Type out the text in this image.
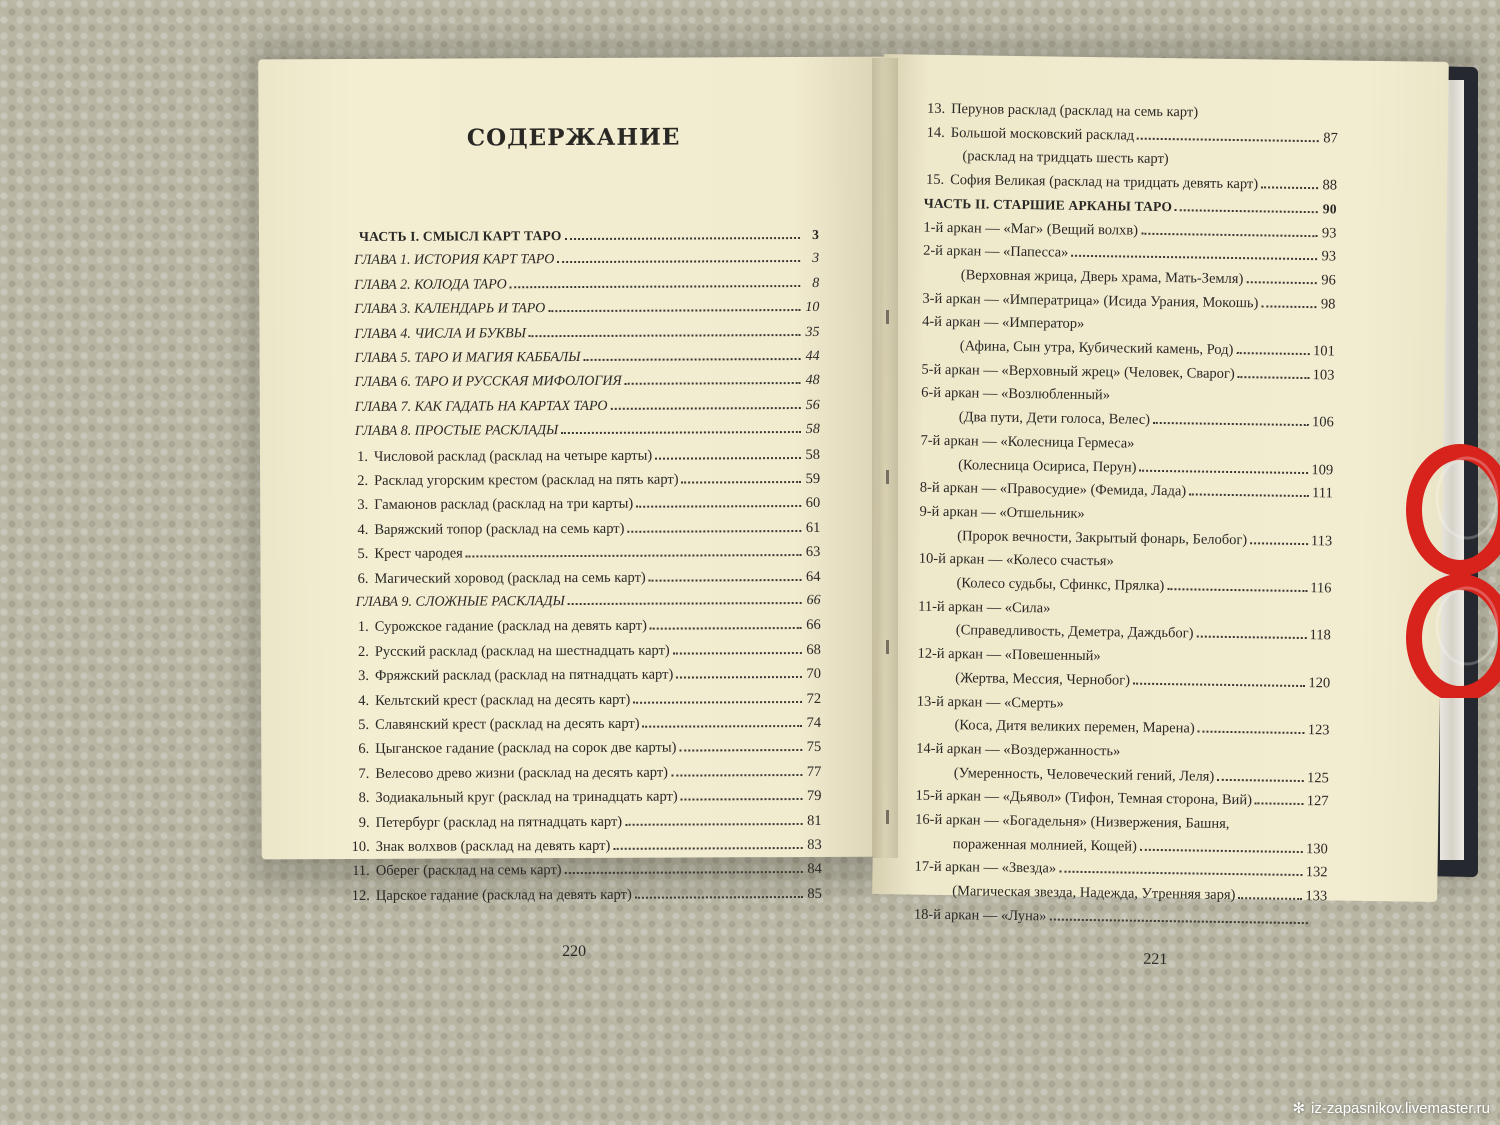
СОДЕРЖАНИЕ
ЧАСТЬ I. СМЫСЛ КАРТ ТАРО	3
ГЛАВА 1. ИСТОРИЯ КАРТ ТАРО	3
ГЛАВА 2. КОЛОДА ТАРО	8
ГЛАВА 3. КАЛЕНДАРЬ И ТАРО	10
ГЛАВА 4. ЧИСЛА И БУКВЫ	35
ГЛАВА 5. ТАРО И МАГИЯ КАББАЛЫ	44
ГЛАВА 6. ТАРО И РУССКАЯ МИФОЛОГИЯ	48
ГЛАВА 7. КАК ГАДАТЬ НА КАРТАХ ТАРО	56
ГЛАВА 8. ПРОСТЫЕ РАСКЛАДЫ	58
1. Числовой расклад (расклад на четыре карты)	58
2. Расклад угорским крестом (расклад на пять карт)	59
3. Гамаюнов расклад (расклад на три карты)	60
4. Варяжский топор (расклад на семь карт)	61
5. Крест чародея	63
6. Магический хоровод (расклад на семь карт)	64
ГЛАВА 9. СЛОЖНЫЕ РАСКЛАДЫ	66
1. Сурожское гадание (расклад на девять карт)	66
2. Русский расклад (расклад на шестнадцать карт)	68
3. Фряжский расклад (расклад на пятнадцать карт)	70
4. Кельтский крест (расклад на десять карт)	72
5. Славянский крест (расклад на десять карт)	74
6. Цыганское гадание (расклад на сорок две карты)	75
7. Велесово древо жизни (расклад на десять карт)	77
8. Зодиакальный круг (расклад на тринадцать карт)	79
9. Петербург (расклад на пятнадцать карт)	81
10. Знак волхвов (расклад на девять карт)	83
11. Оберег (расклад на семь карт)	84
12. Царское гадание (расклад на девять карт)	85
220
13. Перунов расклад (расклад на семь карт)
14. Большой московский расклад	87
(расклад на тридцать шесть карт)
15. София Великая (расклад на тридцать девять карт)	88
ЧАСТЬ II. СТАРШИЕ АРКАНЫ ТАРО	90
1-й аркан — «Маг» (Вещий волхв)	93
2-й аркан — «Папесса»	93
(Верховная жрица, Дверь храма, Мать-Земля)	96
3-й аркан — «Императрица» (Исида Урания, Мокошь)	98
4-й аркан — «Император»
(Афина, Сын утра, Кубический камень, Род)	101
5-й аркан — «Верховный жрец» (Человек, Сварог)	103
6-й аркан — «Возлюбленный»
(Два пути, Дети голоса, Велес)	106
7-й аркан — «Колесница Гермеса»
(Колесница Осириса, Перун)	109
8-й аркан — «Правосудие» (Фемида, Лада)	111
9-й аркан — «Отшельник»
(Пророк вечности, Закрытый фонарь, Белобог)	113
10-й аркан — «Колесо счастья»
(Колесо судьбы, Сфинкс, Прялка)	116
11-й аркан — «Сила»
(Справедливость, Деметра, Даждьбог)	118
12-й аркан — «Повешенный»
(Жертва, Мессия, Чернобог)	120
13-й аркан — «Смерть»
(Коса, Дитя великих перемен, Марена)	123
14-й аркан — «Воздержанность»
(Умеренность, Человеческий гений, Леля)	125
15-й аркан — «Дьявол» (Тифон, Темная сторона, Вий)	127
16-й аркан — «Богадельня» (Низвержения, Башня,
пораженная молнией, Кощей)	130
17-й аркан — «Звезда»	132
(Магическая звезда, Надежда, Утренняя заря)	133
18-й аркан — «Луна»
221
✻ iz-zapasnikov.livemaster.ru
